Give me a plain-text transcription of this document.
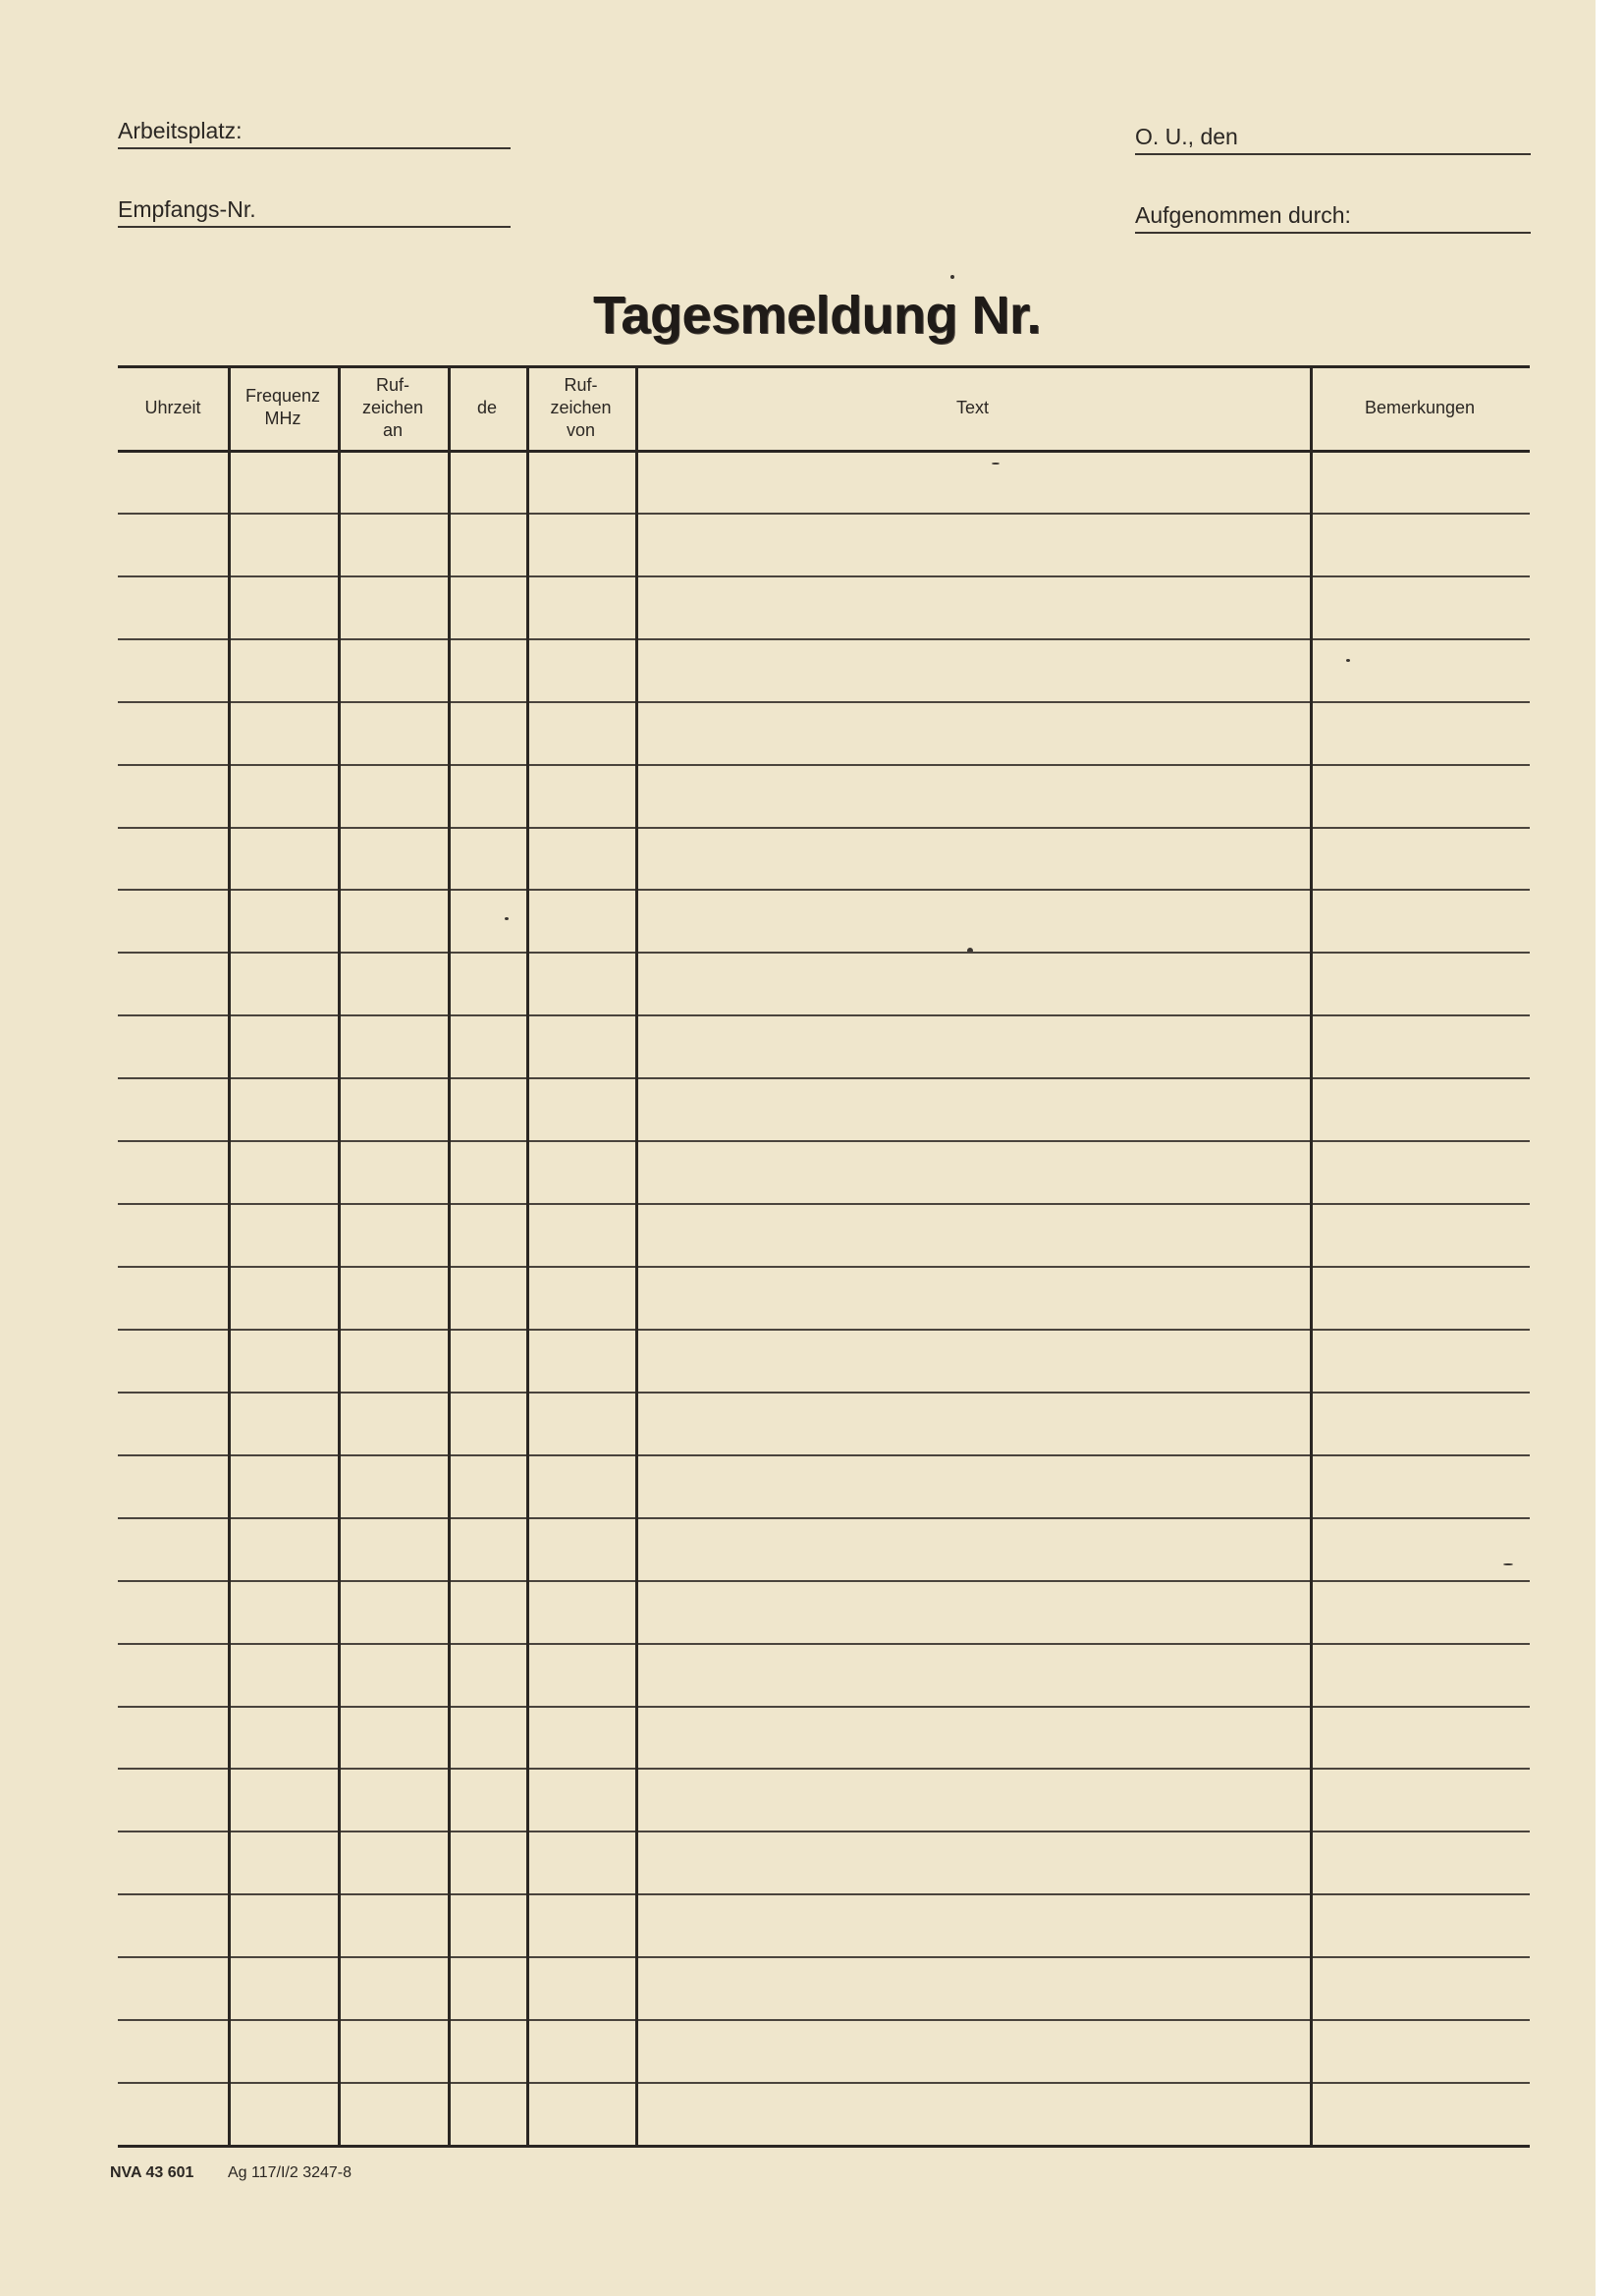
Arbeitsplatz:
Empfangs-Nr.
O. U., den
Aufgenommen durch:
Tagesmeldung Nr.
NVA 43 601 Ag 117/I/2 3247-8
Uhrzeit
Frequenz
MHz
Ruf-
zeichen
an
de
Ruf-
zeichen
von
Text	Bemerkungen
